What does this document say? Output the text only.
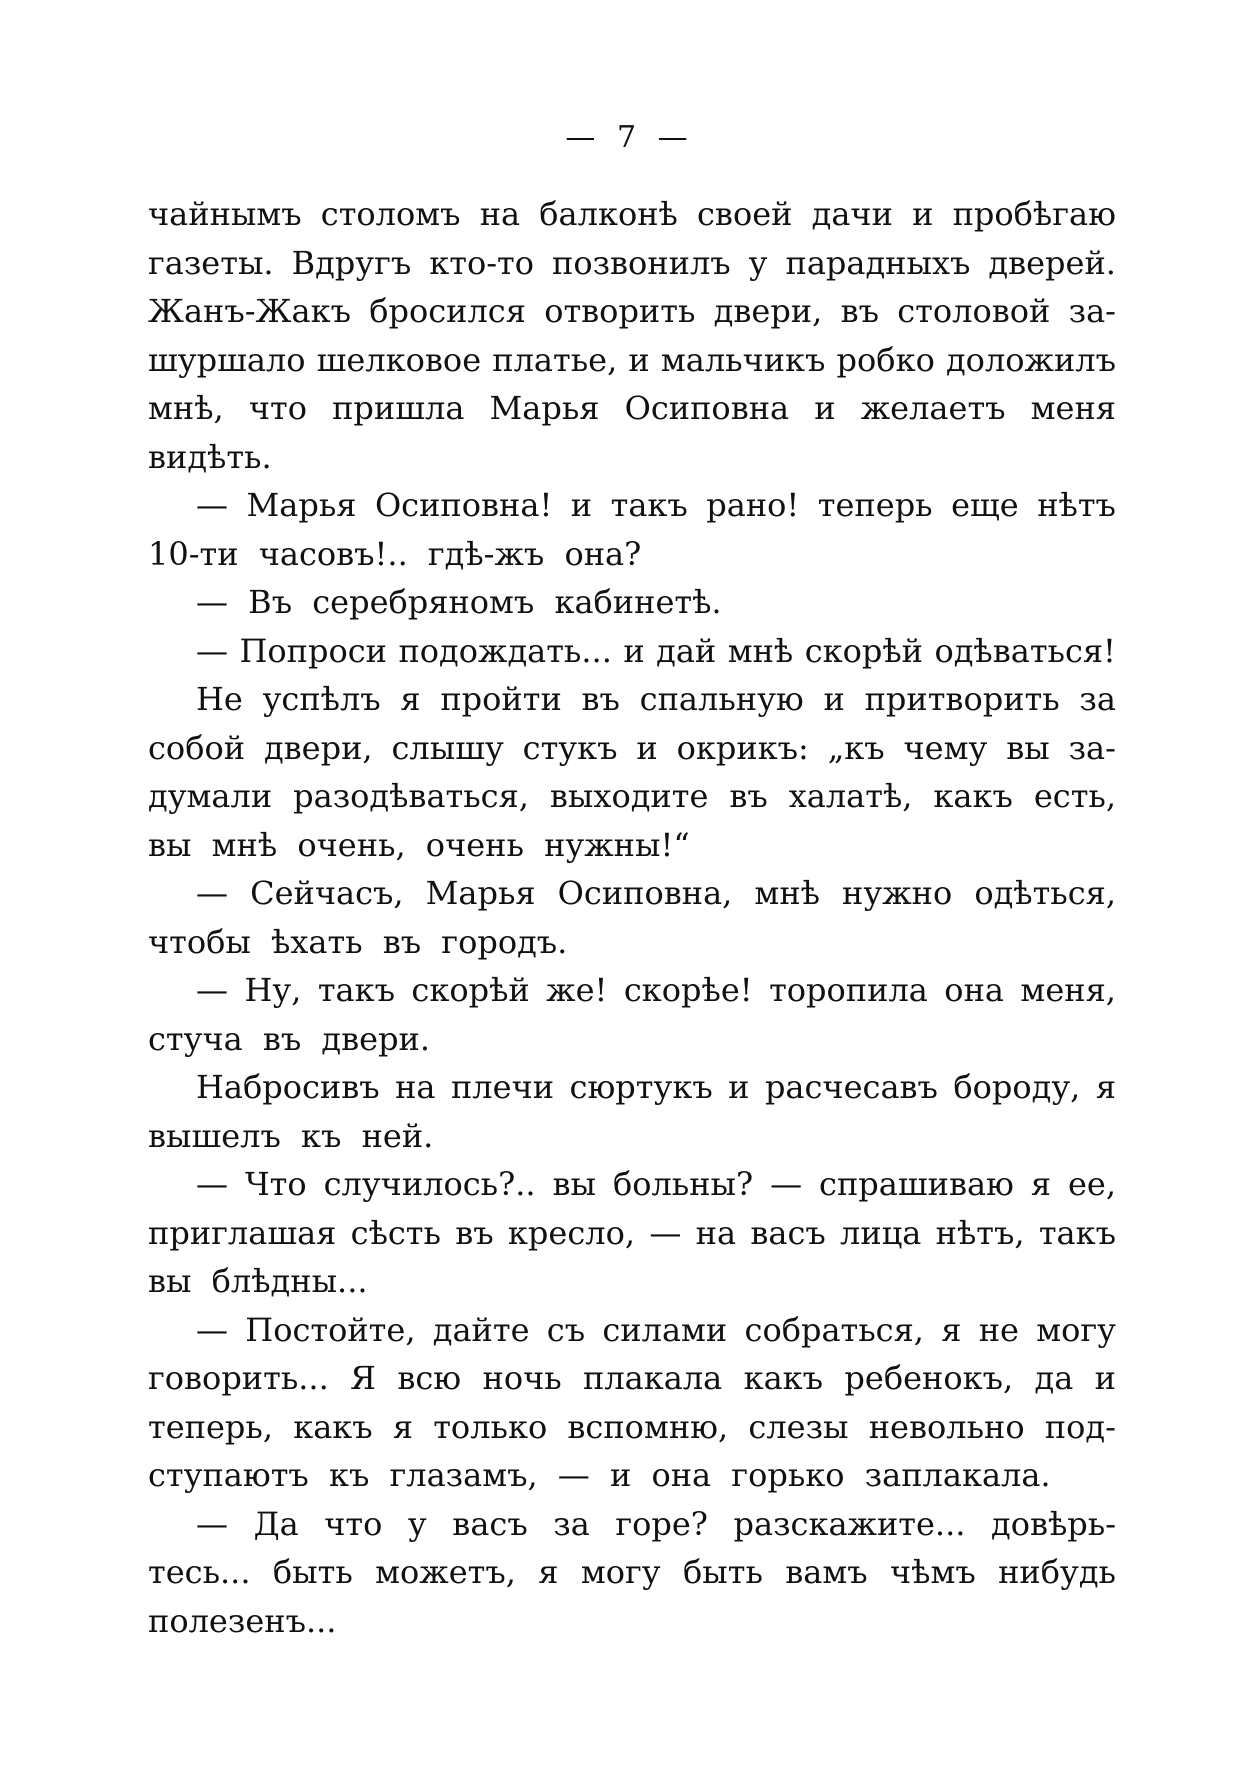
— 7 —
чайнымъ столомъ на балконѣ своей дачи и пробѣгаю
газеты. Вдругъ кто-то позвонилъ у парадныхъ дверей.
Жанъ-Жакъ бросился отворить двери, въ столовой за-
шуршало шелковое платье, и мальчикъ робко доложилъ
мнѣ, что пришла Марья Осиповна и желаетъ меня
видѣть.
— Марья Осиповна! и такъ рано! теперь еще нѣтъ
10-ти часовъ!.. гдѣ-жъ она?
— Въ серебряномъ кабинетѣ.
— Попроси подождать... и дай мнѣ скорѣй одѣваться!
Не успѣлъ я пройти въ спальную и притворить за
собой двери, слышу стукъ и окрикъ: „къ чему вы за-
думали разодѣваться, выходите въ халатѣ, какъ есть,
вы мнѣ очень, очень нужны!“
— Сейчасъ, Марья Осиповна, мнѣ нужно одѣться,
чтобы ѣхать въ городъ.
— Ну, такъ скорѣй же! скорѣе! торопила она меня,
стуча въ двери.
Набросивъ на плечи сюртукъ и расчесавъ бороду, я
вышелъ къ ней.
— Что случилось?.. вы больны? — спрашиваю я ее,
приглашая сѣсть въ кресло, — на васъ лица нѣтъ, такъ
вы блѣдны...
— Постойте, дайте съ силами собраться, я не могу
говорить... Я всю ночь плакала какъ ребенокъ, да и
теперь, какъ я только вспомню, слезы невольно под-
ступаютъ къ глазамъ, — и она горько заплакала.
— Да что у васъ за горе? разскажите... довѣрь-
тесь... быть можетъ, я могу быть вамъ чѣмъ нибудь
полезенъ...
